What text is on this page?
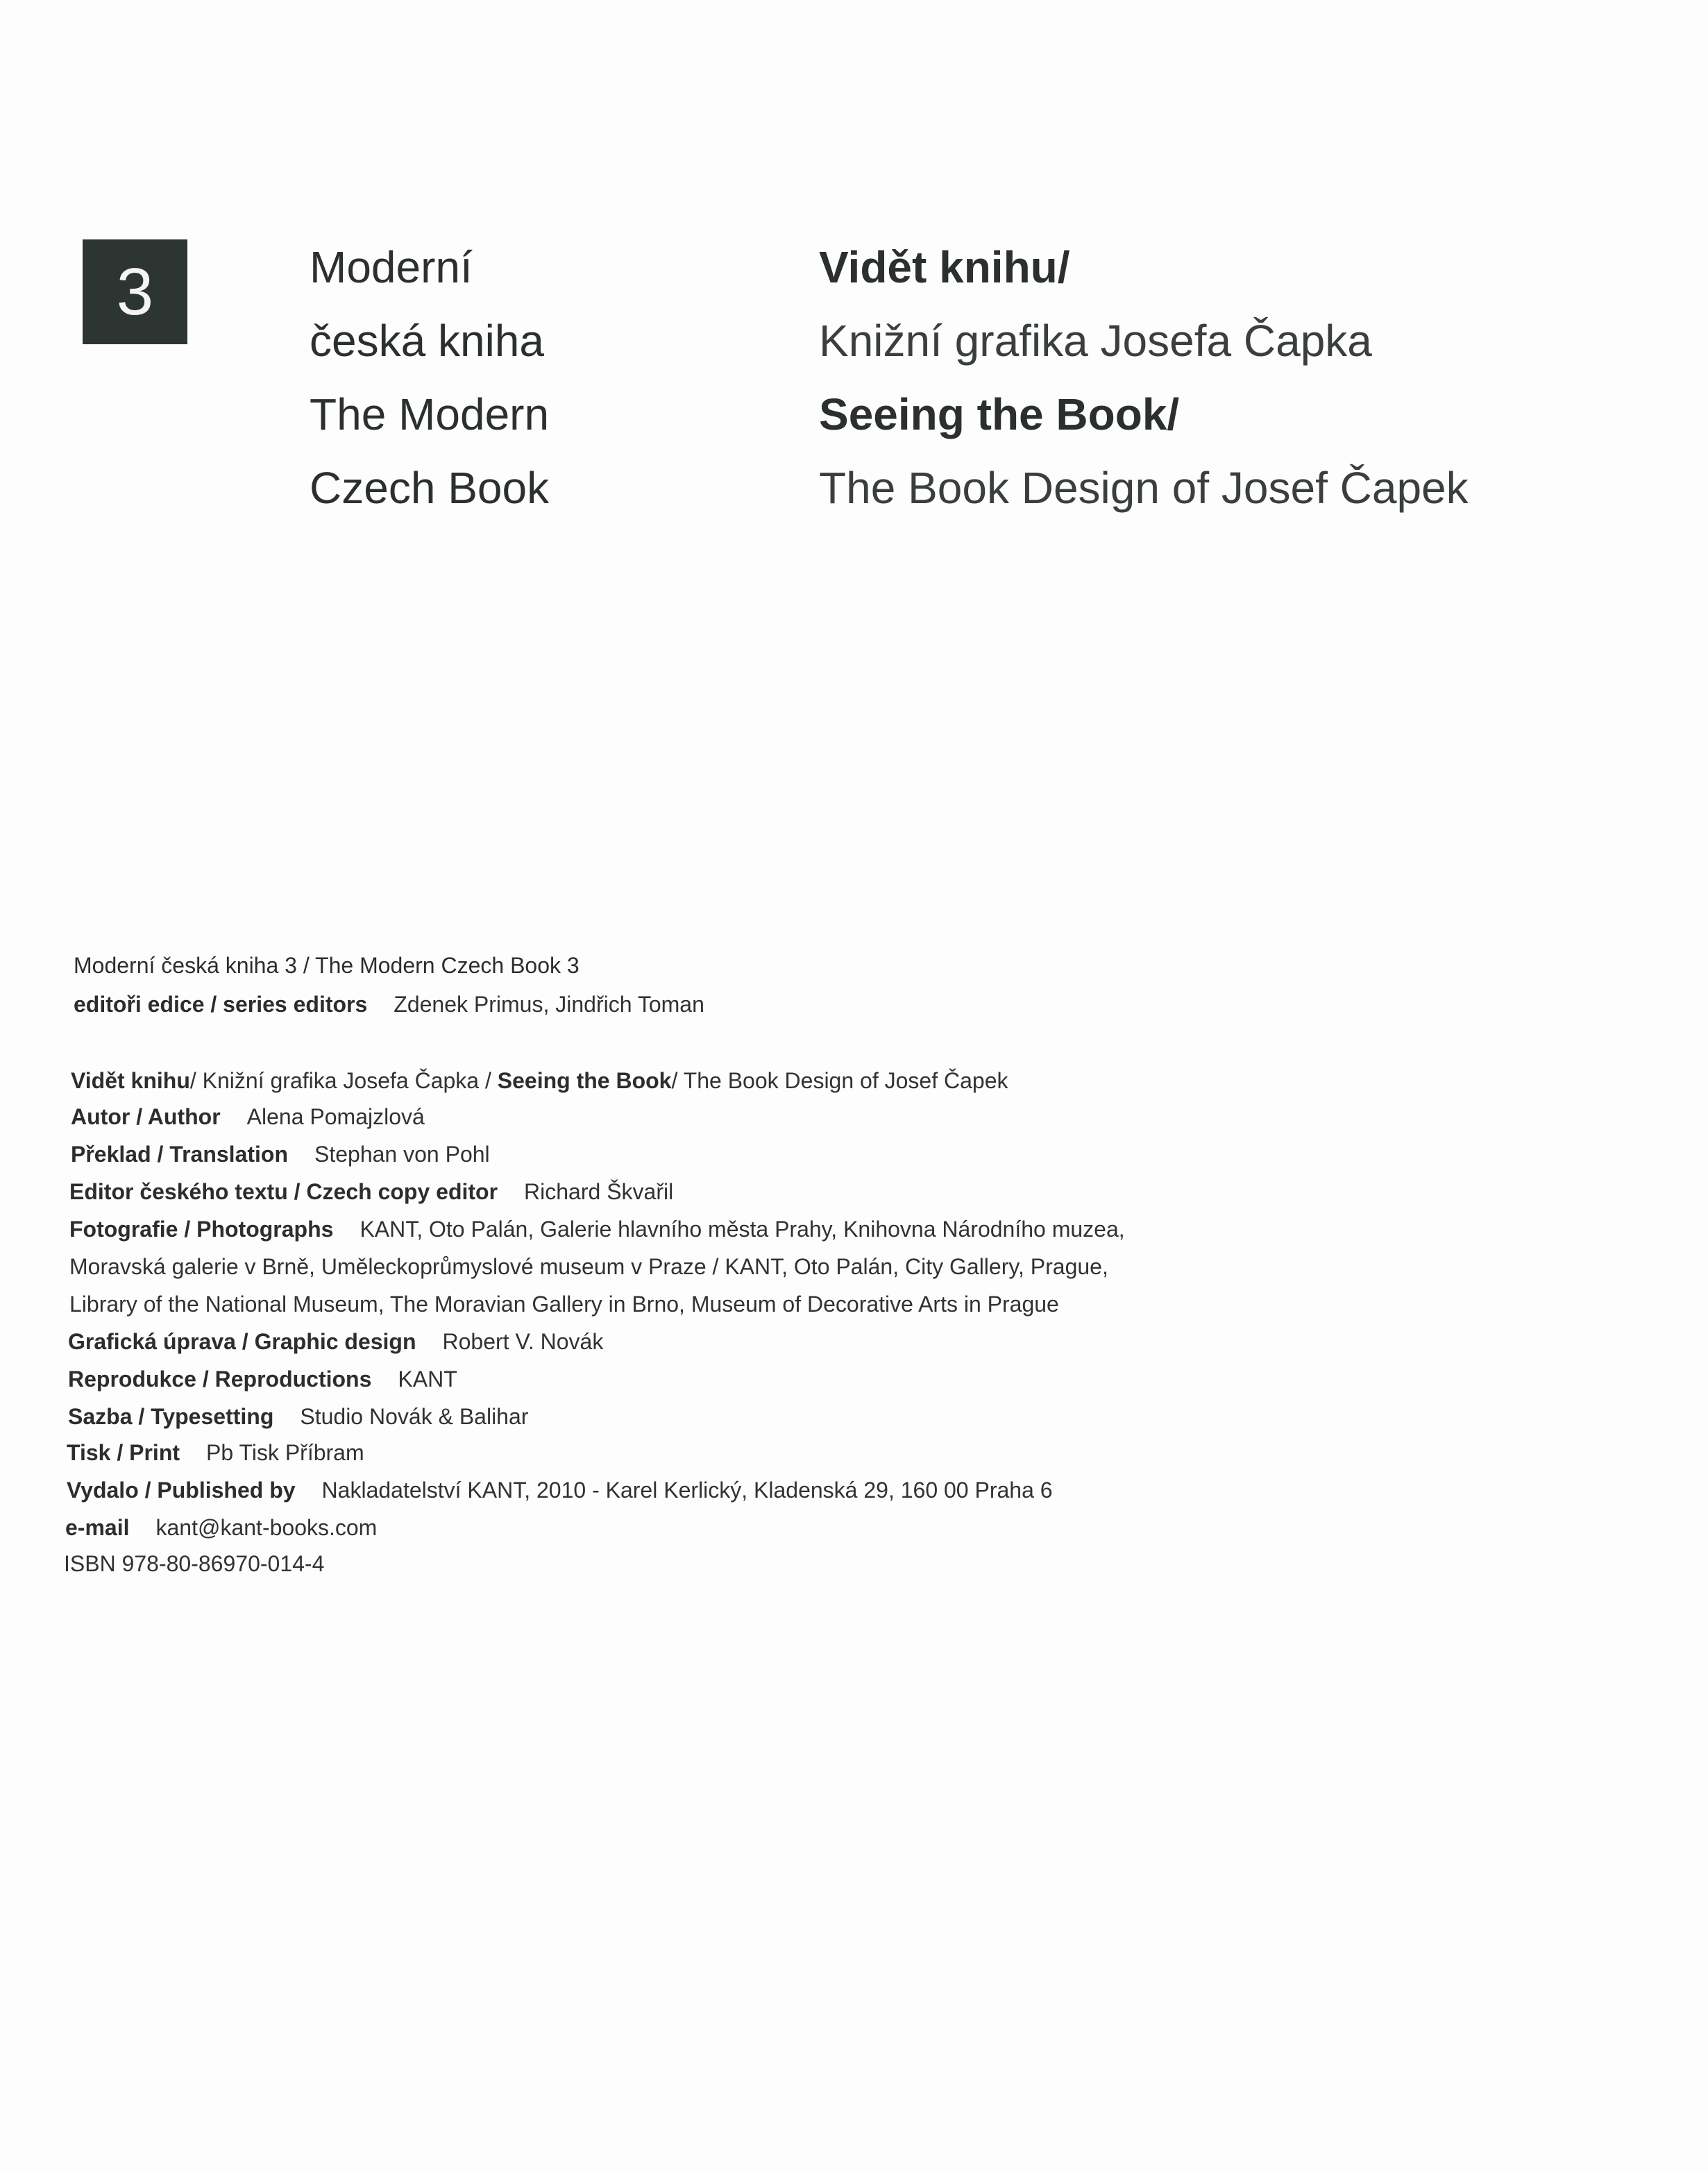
3	Moderní
česká kniha
The Modern
Czech Book
Vidět knihu/
Knižní grafika Josefa Čapka
Seeing the Book/
The Book Design of Josef Čapek
Moderní česká kniha 3 / The Modern Czech Book 3
editoři edice / series editors Zdenek Primus, Jindřich Toman
Vidět knihu/ Knižní grafika Josefa Čapka / Seeing the Book/ The Book Design of Josef Čapek
Autor / Author Alena Pomajzlová
Překlad / Translation Stephan von Pohl
Editor českého textu / Czech copy editor Richard Škvařil
Fotografie / Photographs KANT, Oto Palán, Galerie hlavního města Prahy, Knihovna Národního muzea,
Moravská galerie v Brně, Uměleckoprůmyslové museum v Praze / KANT, Oto Palán, City Gallery, Prague,
Library of the National Museum, The Moravian Gallery in Brno, Museum of Decorative Arts in Prague
Grafická úprava / Graphic design Robert V. Novák
Reprodukce / Reproductions KANT
Sazba / Typesetting Studio Novák & Balihar
Tisk / Print Pb Tisk Příbram
Vydalo / Published by Nakladatelství KANT, 2010 - Karel Kerlický, Kladenská 29, 160 00 Praha 6
e-mail kant@kant-books.com
ISBN 978-80-86970-014-4
